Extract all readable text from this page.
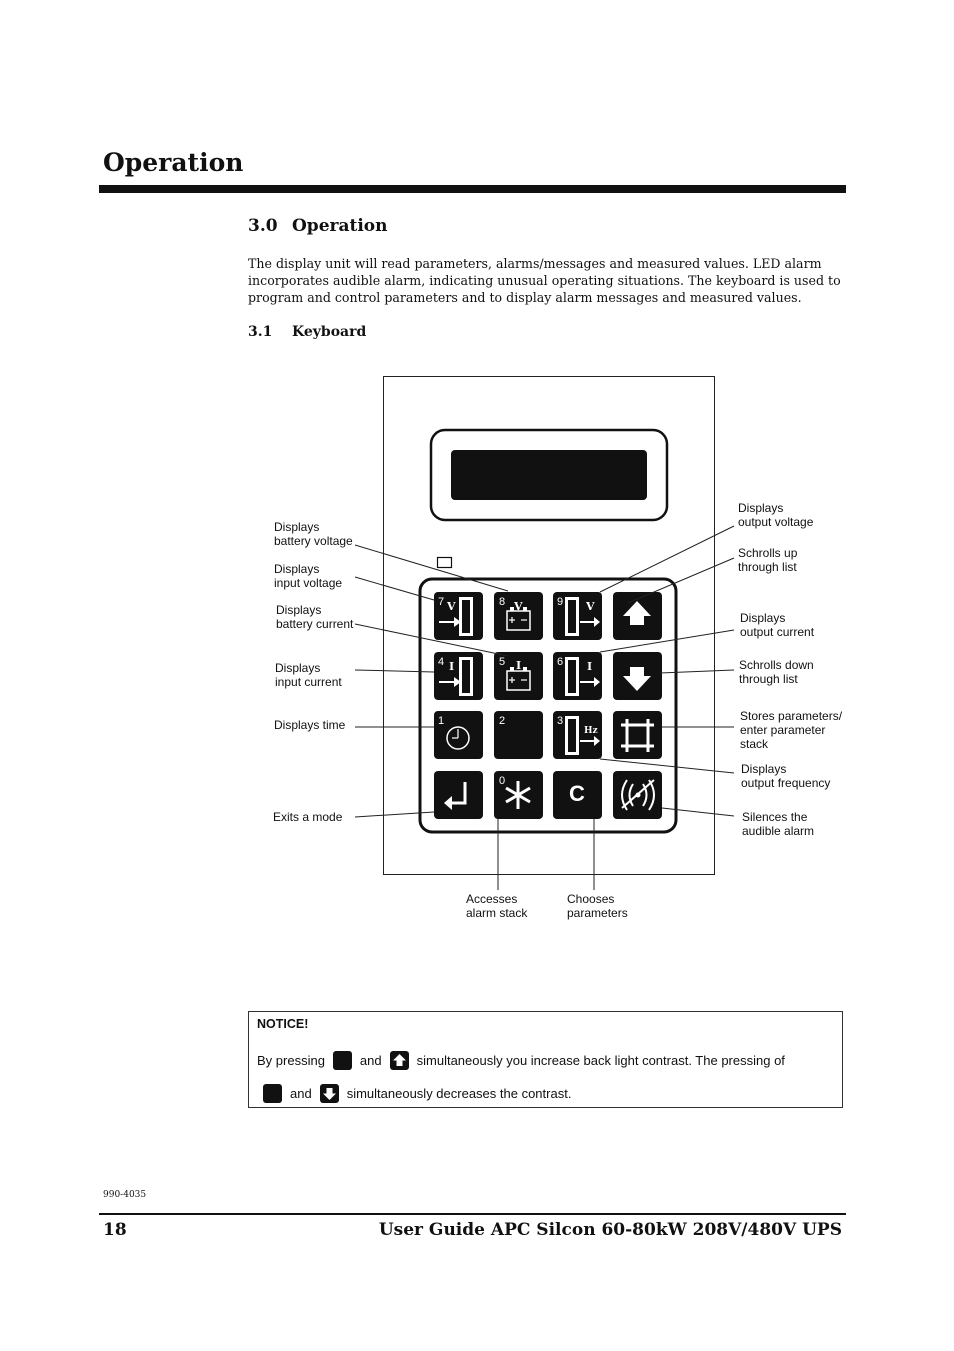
Operation
3.0 Operation
The display unit will read parameters, alarms/messages and measured values. LED alarm incorporates audible alarm, indicating unusual operating situations. The keyboard is used to program and control parameters and to display alarm messages and measured values.
3.1 Keyboard
7 V	8 V	9 V
4 I	5 I	6 I
1	2	3
Hz
0	C
Displays
battery voltage
Displays
input voltage
Displays
battery current
Displays
input current
Displays time
Exits a mode
Displays
output voltage
Schrolls up
through list
Displays
output current
Schrolls down
through list
Stores parameters/
enter parameter
stack
Displays
output frequency
Silences the
audible alarm
Accesses
alarm stack
Chooses
parameters
NOTICE!
By pressing	and	simultaneously you increase back light contrast. The pressing of
and	simultaneously decreases the contrast.
990-4035
18	User Guide APC Silcon 60-80kW 208V/480V UPS
